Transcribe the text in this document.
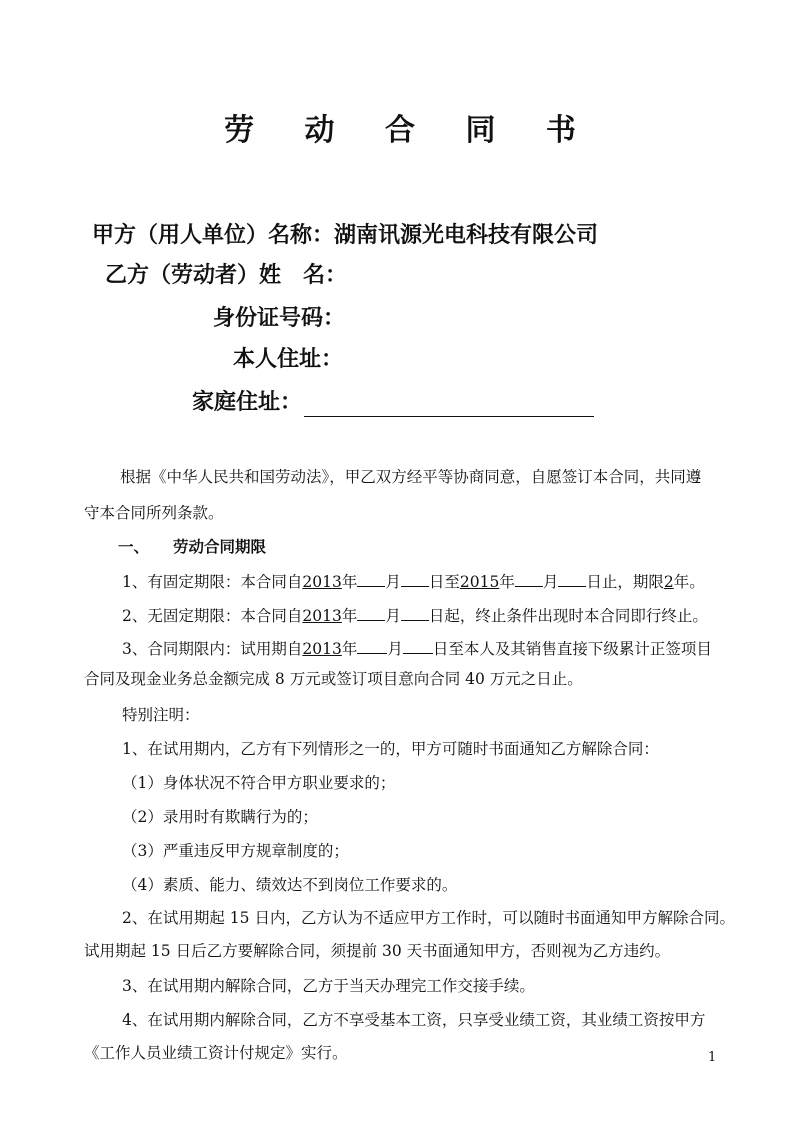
劳 动 合 同 书
甲方（用人单位）名称：湖南讯源光电科技有限公司
乙方（劳动者）姓 名：
身份证号码：
本人住址：
家庭住址：
根据《中华人民共和国劳动法》，甲乙双方经平等协商同意，自愿签订本合同，共同遵
守本合同所列条款。
一、 劳动合同期限
1、有固定期限：本合同自2013年 月 日至2015年 月 日止，期限2年。
2、无固定期限：本合同自2013年 月 日起，终止条件出现时本合同即行终止。
3、合同期限内：试用期自2013年 月 日至本人及其销售直接下级累计正签项目
合同及现金业务总金额完成 8 万元或签订项目意向合同 40 万元之日止。
特别注明：
1、在试用期内，乙方有下列情形之一的，甲方可随时书面通知乙方解除合同：
（1）身体状况不符合甲方职业要求的；
（2）录用时有欺瞒行为的；
（3）严重违反甲方规章制度的；
（4）素质、能力、绩效达不到岗位工作要求的。
2、在试用期起 15 日内，乙方认为不适应甲方工作时，可以随时书面通知甲方解除合同。
试用期起 15 日后乙方要解除合同，须提前 30 天书面通知甲方，否则视为乙方违约。
3、在试用期内解除合同，乙方于当天办理完工作交接手续。
4、在试用期内解除合同，乙方不享受基本工资，只享受业绩工资，其业绩工资按甲方
《工作人员业绩工资计付规定》实行。	1
